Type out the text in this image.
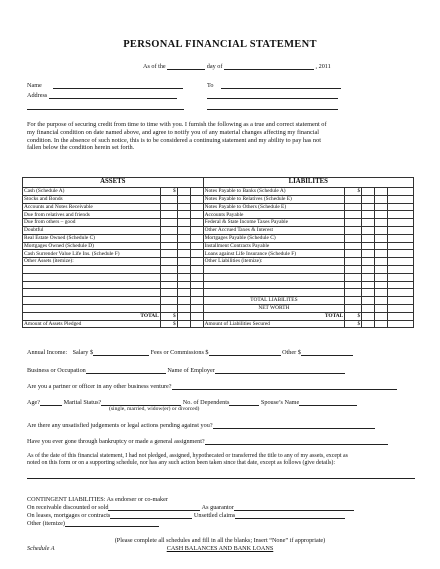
PERSONAL FINANCIAL STATEMENT
As of the	day of	, 2011
Name
Address
To
For the purpose of securing credit from time to time with you. I furnish the following as a true and correct statement of
my financial condition on date named above, and agree to notify you of any material changes affecting my financial
condition. In the absence of such notice, this is to be considered a continuing statement and my ability to pay has not
fallen below the condition herein set forth.
ASSETS				LIABILITES				
Cash (Schedule A)	$			Notes Payable to Banks (Schedule A)	$			
Stocks and Bonds				Notes Payable to Relatives (Schedule E)				
Accounts and Notes Receivable				Notes Payable to Others (Schedule E)				
Due from relatives and friends				Accounts Payable				
Due from others – good				Federal & State Income Taxes Payable				
Doubtful				Other Accrued Taxes & Interest				
Real Estate Owned (Schedule C)				Mortgages Payable (Schedule C)				
Mortgages Owned (Schedule D)				Installment Contracts Payable				
Cash Surrender Value Life Ins. (Schedule F)				Loans against Life Insurance (Schedule F)				
Other Assets (itemize):				Other Liabilities (itemize):				

				TOTAL LIABILITES				
				NET WORTH				
TOTAL	$			TOTAL	$			
Amount of Assets Pledged	$			Amount of Liabilities Secured	$			
Annual Income: Salary $	Fees or Commissions $	Other $
Business or Occupation	Name of Employer
Are you a partner or officer in any other business venture?
Age?	Marital Status?	No. of Dependents	Spouse’s Name
(single, married, widow(er) or divorced)
Are there any unsatisfied judgements or legal actions pending against you?
Have you ever gone through bankruptcy or made a general assignment?
As of the date of this financial statement, I had not pledged, assigned, hypothecated or transferred the title to any of my assets, except as
noted on this form or on a supporting schedule, nor has any such action been taken since that date, except as follows (give details):
CONTINGENT LIABILITIES: As endorser or co-maker
On receivable discounted or sold	As guarantor
On leases, mortgages or contracts	Unsettled claims
Other (itemize)
(Please complete all schedules and fill in all the blanks; Insert “None” if appropriate)
Schedule A	CASH BALANCES AND BANK LOANS
